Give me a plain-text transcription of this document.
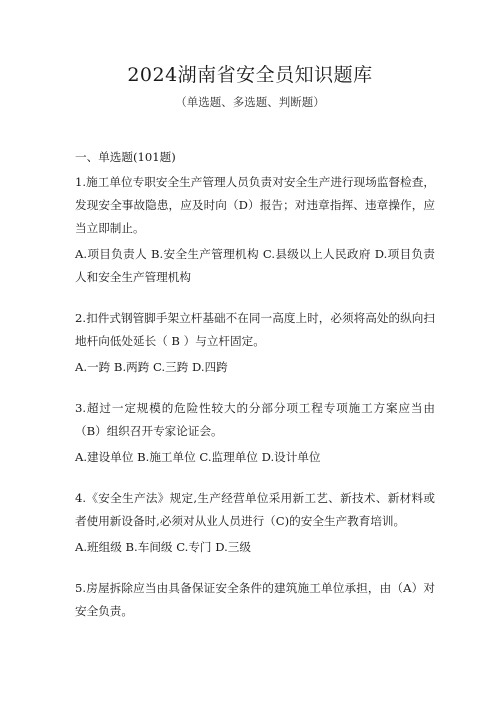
2024湖南省安全员知识题库
（单选题、多选题、判断题）

一、单选题(101题)

1.施工单位专职安全生产管理人员负责对安全生产进行现场监督检查，发现安全事故隐患，应及时向（D）报告；对违章指挥、违章操作，应当立即制止。

A.项目负责人 B.安全生产管理机构 C.县级以上人民政府 D.项目负责人和安全生产管理机构

2.扣件式钢管脚手架立杆基础不在同一高度上时，必须将高处的纵向扫地杆向低处延长（ B ）与立杆固定。

A.一跨 B.两跨 C.三跨 D.四跨

3.超过一定规模的危险性较大的分部分项工程专项施工方案应当由（B）组织召开专家论证会。

A.建设单位 B.施工单位 C.监理单位 D.设计单位

4.《安全生产法》规定,生产经营单位采用新工艺、新技术、新材料或者使用新设备时,必须对从业人员进行（C)的安全生产教育培训。

A.班组级 B.车间级 C.专门 D.三级

5.房屋拆除应当由具备保证安全条件的建筑施工单位承担，由（A）对安全负责。
